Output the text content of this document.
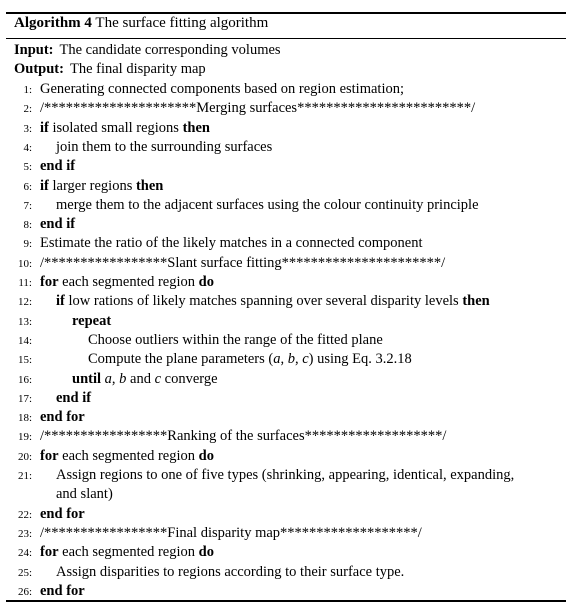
Algorithm 4 The surface fitting algorithm
Input: The candidate corresponding volumes
Output: The final disparity map
1: Generating connected components based on region estimation;
2: /*********************Merging surfaces************************/
3: if isolated small regions then
4: join them to the surrounding surfaces
5: end if
6: if larger regions then
7: merge them to the adjacent surfaces using the colour continuity principle
8: end if
9: Estimate the ratio of the likely matches in a connected component
10: /*****************Slant surface fitting**********************/
11: for each segmented region do
12: if low rations of likely matches spanning over several disparity levels then
13:	repeat
14:	Choose outliers within the range of the fitted plane
15:	Compute the plane parameters (a, b, c) using Eq. 3.2.18
16:	until a, b and c converge
17: end if
18: end for
19: /*****************Ranking of the surfaces*******************/
20: for each segmented region do
21: Assign regions to one of five types (shrinking, appearing, identical, expanding,
and slant)
22: end for
23: /*****************Final disparity map*******************/
24: for each segmented region do
25: Assign disparities to regions according to their surface type.
26: end for
